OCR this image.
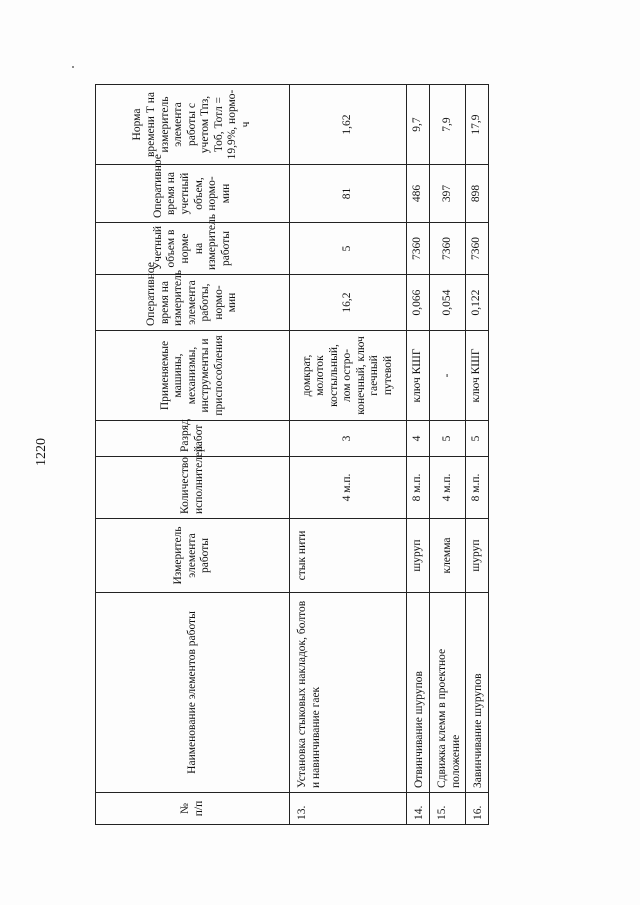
1220
№ п/п	Наименование элементов работы	Измеритель элемента работы	Количество исполнителей	Разряд работ	Применяемые машины, механизмы, инструменты и приспособления	Оперативное время на измеритель элемента работы, нормо-мин	Учетный объем в норме на измеритель работы	Оперативное время на учетный объем, нормо-мин	Норма времени Т на измеритель элемента работы с учетом Тпз, Тоб, Тотл = 19,9%, нормо-ч
13.	Установка стыковых накладок, болтов и навинчивание гаек	стык нити	4 м.п.	3	домкрат, молоток костыльный, лом остро-конечный, ключ гаечный путевой	16,2	5	81	1,62
14.	Отвинчивание шурупов	шуруп	8 м.п.	4	ключ КШГ	0,066	7360	486	9,7
15.	Сдвижка клемм в проектное положение	клемма	4 м.п.	5	-	0,054	7360	397	7,9
16.	Завинчивание шурупов	шуруп	8 м.п.	5	ключ КШГ	0,122	7360	898	17,9
